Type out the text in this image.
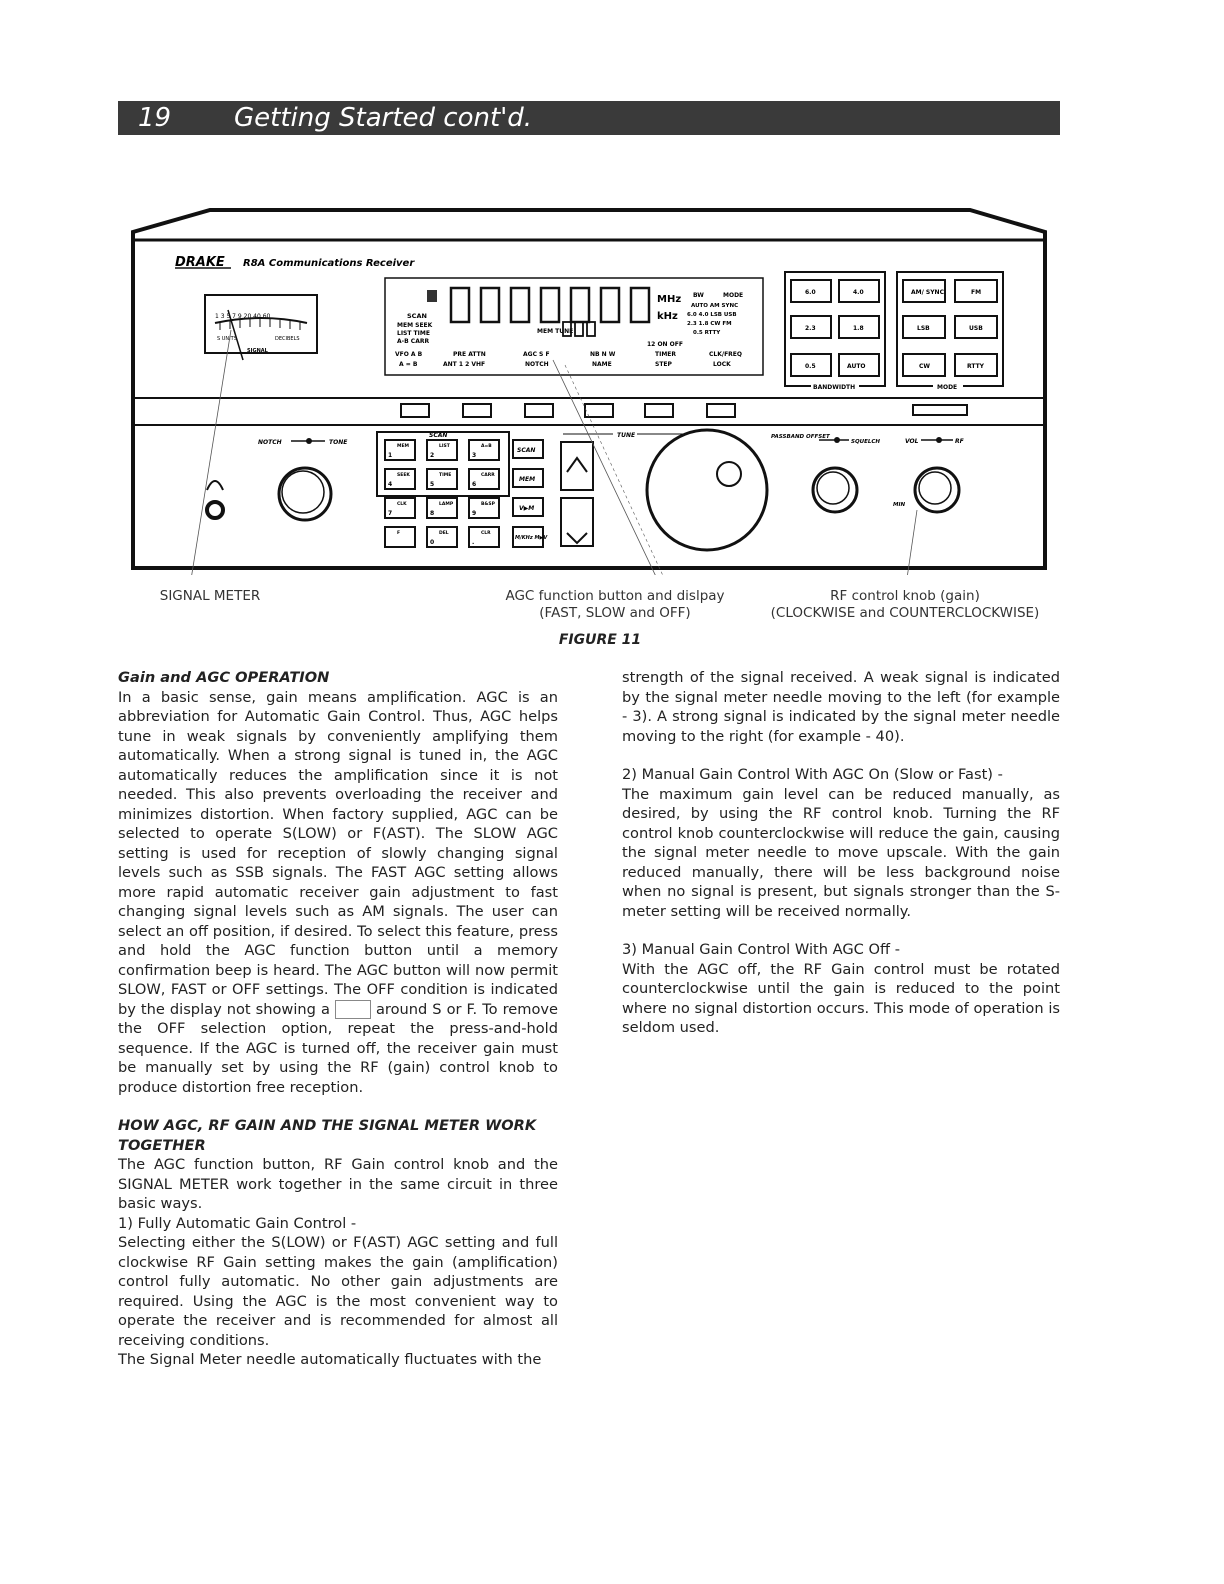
19 Getting Started cont'd.
DRAKE R8A Communications Receiver
1 3 5 7 9 20 40 60
S UNITS	DECIBELS
SIGNAL
MHz
kHz
SCAN
MEM SEEK
LIST TIME
A-B CARR
VFO A B
A = B
PRE ATTN
ANT 1 2 VHF
AGC S F
NOTCH
NB N W
NAME
MEM TUNE
12 ON OFF
TIMER
STEP
CLK/FREQ
LOCK
BW	MODE
AUTO AM SYNC
6.0 4.0 LSB USB
2.3 1.8 CW FM
0.5 RTTY
6.0	4.0
2.3	1.8
0.5	AUTO
BANDWIDTH
AM/ SYNC	FM
LSB	USB
CW	RTTY
MODE
NOTCH	TONE
SCAN	TUNE	PASSBAND OFFSET
SQUELCH	VOL	RF
MIN
MEM
1
LIST
2
A=B
3
SEEK
4
TIME
5
CARR
6
CLK
7
LAMP
8
B&SP
9
F	DEL
0
CLR
.
SCAN
MEM
V▶M
M/KHz M▶V
SIGNAL METER	AGC function button and dislpay
(FAST, SLOW and OFF)
RF control knob (gain)
(CLOCKWISE and COUNTERCLOCKWISE)
FIGURE 11

Gain and AGC OPERATION

In a basic sense, gain means amplification. AGC is an abbreviation for Automatic Gain Control. Thus, AGC helps tune in weak signals by conveniently amplifying them automatically. When a strong signal is tuned in, the AGC automatically reduces the amplification since it is not needed. This also prevents overloading the receiver and minimizes distortion. When factory supplied, AGC can be selected to operate S(LOW) or F(AST). The SLOW AGC setting is used for reception of slowly changing signal levels such as SSB signals. The FAST AGC setting allows more rapid automatic receiver gain adjustment to fast changing signal levels such as AM signals. The user can select an off position, if desired. To select this feature, press and hold the AGC function button until a memory confirmation beep is heard. The AGC button will now permit SLOW, FAST or OFF settings. The OFF condition is indicated by the display not showing a	around S or F. To remove the OFF selection option, repeat the press-and-hold sequence. If the AGC is turned off, the receiver gain must be manually set by using the RF (gain) control knob to produce distortion free reception.

HOW AGC, RF GAIN AND THE SIGNAL METER WORK TOGETHER

The AGC function button, RF Gain control knob and the SIGNAL METER work together in the same circuit in three basic ways.

1) Fully Automatic Gain Control -

Selecting either the S(LOW) or F(AST) AGC setting and full clockwise RF Gain setting makes the gain (amplification) control fully automatic. No other gain adjustments are required. Using the AGC is the most convenient way to operate the receiver and is recommended for almost all receiving conditions.

The Signal Meter needle automatically fluctuates with the

strength of the signal received. A weak signal is indicated by the signal meter needle moving to the left (for example - 3). A strong signal is indicated by the signal meter needle moving to the right (for example - 40).

2) Manual Gain Control With AGC On (Slow or Fast) -

The maximum gain level can be reduced manually, as desired, by using the RF control knob. Turning the RF control knob counterclockwise will reduce the gain, causing the signal meter needle to move upscale. With the gain reduced manually, there will be less background noise when no signal is present, but signals stronger than the S-meter setting will be received normally.

3) Manual Gain Control With AGC Off -

With the AGC off, the RF Gain control must be rotated counterclockwise until the gain is reduced to the point where no signal distortion occurs. This mode of operation is seldom used.
